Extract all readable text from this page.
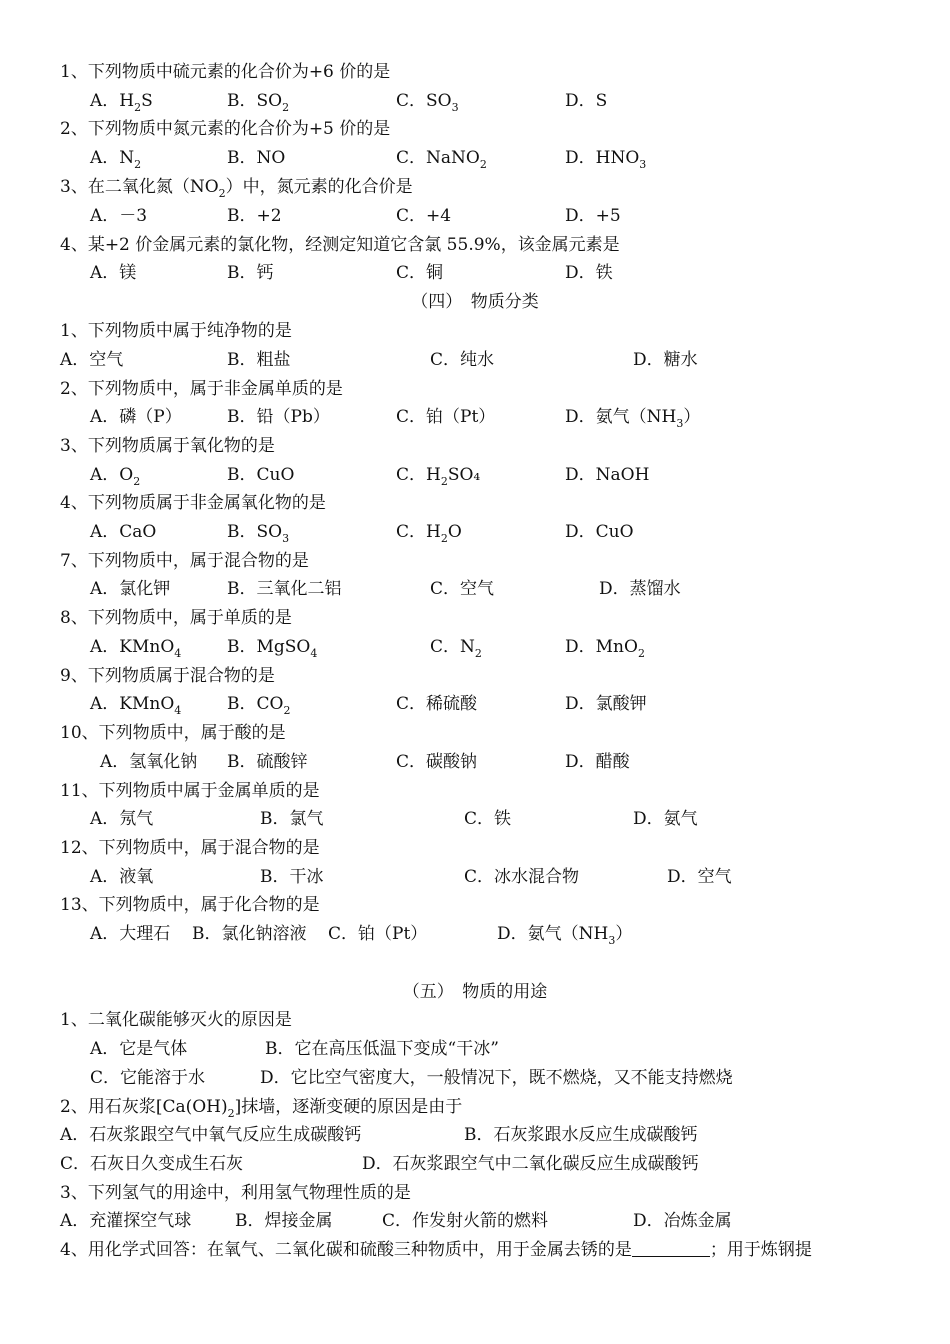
1、下列物质中硫元素的化合价为+6 价的是
A．$H_2S$	B．$SO_2$	C．$SO_3$	D．S
2、下列物质中氮元素的化合价为+5 价的是
A．$N_2$	B．NO	C．NaNO$_2$	D．$HNO_3$
3、在二氧化氮$(NO_2)$中，氮元素的化合价是
A．－3	B．+2	C．+4	D．+5
4、某+2 价金属元素的氯化物，经测定知道它含氯 55.9%，该金属元素是
A．镁	B．钙	C．铜	D．铁
（四）　物质分类
1、下列物质中属于纯净物的是
A．空气	B．粗盐	C．纯水	D．糖水
2、下列物质中，属于非金属单质的是
A．磷（P）	B．铅（Pb）	C．铂（Pt）	D．氨气$(NH_3)$
3、下列物质属于氧化物的是
A．$O_2$	B．CuO	C．$H_2SO_4$	D．NaOH
4、下列物质属于非金属氧化物的是
A．CaO	B．$SO_3$	C．$H_2O$	D．CuO
7、下列物质中，属于混合物的是
A．氯化钾	B．三氧化二铝	C．空气	D．蒸馏水
8、下列物质中，属于单质的是
A．KMnO$_4$	B．MgSO$_4$	C．$N_2$	D．MnO$_2$
9、下列物质属于混合物的是
A．KMnO$_4$	B．$CO_2$	C．稀硫酸	D．氯酸钾
10、下列物质中，属于酸的是
A．氢氧化钠 B．硫酸锌	C．碳酸钠	D．醋酸
11、下列物质中属于金属单质的是
A．氖气	B．氯气	C．铁	D．氨气
12、下列物质中，属于混合物的是
A．液氧	B．干冰	C．冰水混合物	D．空气
13、下列物质中，属于化合物的是
A．大理石 B．氯化钠溶液 C．铂（Pt）	D．氨气$(NH_3)$
（五）　物质的用途
1、二氧化碳能够灭火的原因是
A．它是气体	B．它在高压低温下变成“干冰”
C．它能溶于水	D．它比空气密度大，一般情况下，既不燃烧，又不能支持燃烧
2、用石灰浆$[Ca(OH)_2]$抹墙，逐渐变硬的原因是由于
A．石灰浆跟空气中氧气反应生成碳酸钙	B．石灰浆跟水反应生成碳酸钙
C．石灰日久变成生石灰	D．石灰浆跟空气中二氧化碳反应生成碳酸钙
3、下列氢气的用途中，利用氢气物理性质的是
A．充灌探空气球	B．焊接金属	C．作发射火箭的燃料	D．冶炼金属
4、用化学式回答：在氧气、二氧化碳和硫酸三种物质中，用于金属去锈的是	；用于炼钢提
